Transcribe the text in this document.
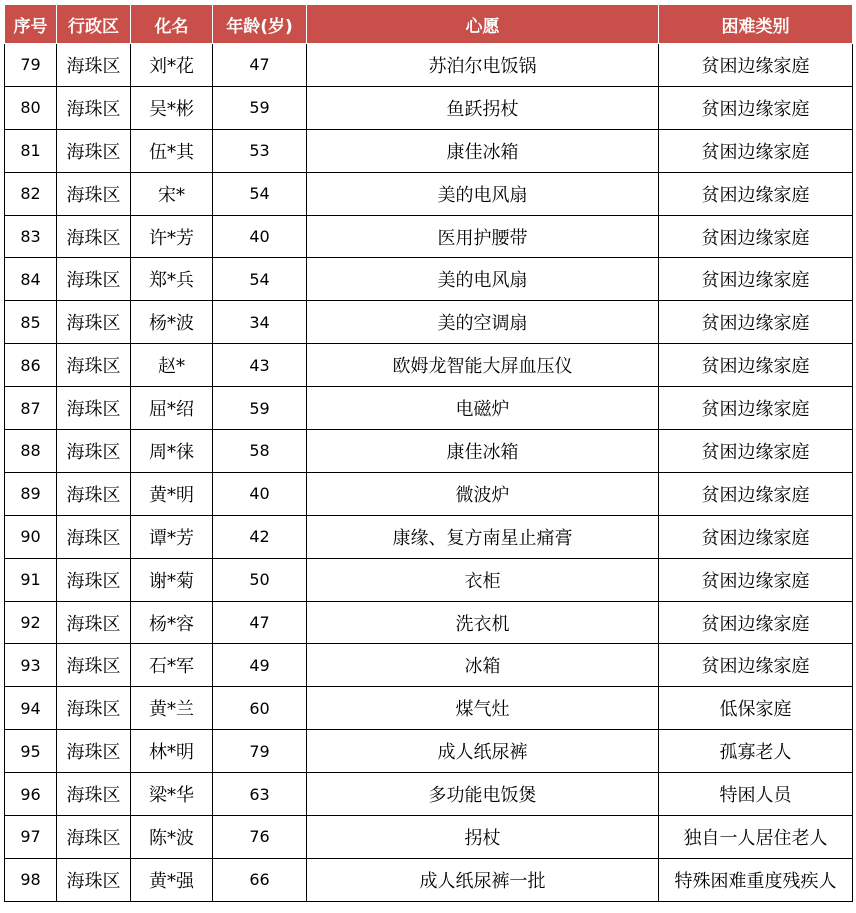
序号	行政区	化名	年龄(岁)	心愿	困难类别
79	海珠区	刘*花	47	苏泊尔电饭锅	贫困边缘家庭
80	海珠区	吴*彬	59	鱼跃拐杖	贫困边缘家庭
81	海珠区	伍*其	53	康佳冰箱	贫困边缘家庭
82	海珠区	宋*	54	美的电风扇	贫困边缘家庭
83	海珠区	许*芳	40	医用护腰带	贫困边缘家庭
84	海珠区	郑*兵	54	美的电风扇	贫困边缘家庭
85	海珠区	杨*波	34	美的空调扇	贫困边缘家庭
86	海珠区	赵*	43	欧姆龙智能大屏血压仪	贫困边缘家庭
87	海珠区	屈*绍	59	电磁炉	贫困边缘家庭
88	海珠区	周*徕	58	康佳冰箱	贫困边缘家庭
89	海珠区	黄*明	40	微波炉	贫困边缘家庭
90	海珠区	谭*芳	42	康缘、复方南星止痛膏	贫困边缘家庭
91	海珠区	谢*菊	50	衣柜	贫困边缘家庭
92	海珠区	杨*容	47	洗衣机	贫困边缘家庭
93	海珠区	石*军	49	冰箱	贫困边缘家庭
94	海珠区	黄*兰	60	煤气灶	低保家庭
95	海珠区	林*明	79	成人纸尿裤	孤寡老人
96	海珠区	梁*华	63	多功能电饭煲	特困人员
97	海珠区	陈*波	76	拐杖	独自一人居住老人
98	海珠区	黄*强	66	成人纸尿裤一批	特殊困难重度残疾人
